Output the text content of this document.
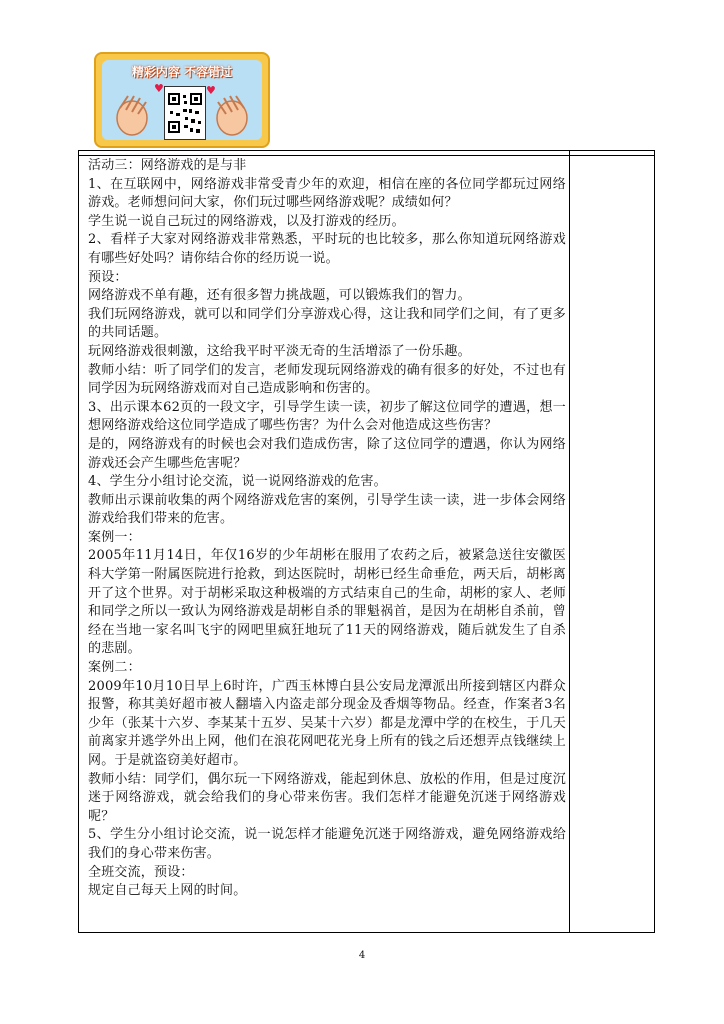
精彩内容 不容错过
♥	♥

活动三：网络游戏的是与非

1、在互联网中，网络游戏非常受青少年的欢迎，相信在座的各位同学都玩过网络游戏。老师想问问大家，你们玩过哪些网络游戏呢？成绩如何？

学生说一说自己玩过的网络游戏，以及打游戏的经历。

2、看样子大家对网络游戏非常熟悉，平时玩的也比较多，那么你知道玩网络游戏有哪些好处吗？请你结合你的经历说一说。

预设：

网络游戏不单有趣，还有很多智力挑战题，可以锻炼我们的智力。

我们玩网络游戏，就可以和同学们分享游戏心得，这让我和同学们之间，有了更多的共同话题。

玩网络游戏很刺激，这给我平时平淡无奇的生活增添了一份乐趣。

教师小结：听了同学们的发言，老师发现玩网络游戏的确有很多的好处，不过也有同学因为玩网络游戏而对自己造成影响和伤害的。

3、出示课本62页的一段文字，引导学生读一读，初步了解这位同学的遭遇，想一想网络游戏给这位同学造成了哪些伤害？为什么会对他造成这些伤害？

是的，网络游戏有的时候也会对我们造成伤害，除了这位同学的遭遇，你认为网络游戏还会产生哪些危害呢？

4、学生分小组讨论交流，说一说网络游戏的危害。

教师出示课前收集的两个网络游戏危害的案例，引导学生读一读，进一步体会网络游戏给我们带来的危害。

案例一：

2005年11月14日，年仅16岁的少年胡彬在服用了农药之后，被紧急送往安徽医科大学第一附属医院进行抢救，到达医院时，胡彬已经生命垂危，两天后，胡彬离开了这个世界。对于胡彬采取这种极端的方式结束自己的生命，胡彬的家人、老师和同学之所以一致认为网络游戏是胡彬自杀的罪魁祸首，是因为在胡彬自杀前，曾经在当地一家名叫飞宇的网吧里疯狂地玩了11天的网络游戏，随后就发生了自杀的悲剧。

案例二：

2009年10月10日早上6时许，广西玉林博白县公安局龙潭派出所接到辖区内群众报警，称其美好超市被人翻墙入内盗走部分现金及香烟等物品。经查，作案者3名少年（张某十六岁、李某某十五岁、吴某十六岁）都是龙潭中学的在校生，于几天前离家并逃学外出上网，他们在浪花网吧花光身上所有的钱之后还想弄点钱继续上网。于是就盗窃美好超市。

教师小结：同学们，偶尔玩一下网络游戏，能起到休息、放松的作用，但是过度沉迷于网络游戏，就会给我们的身心带来伤害。我们怎样才能避免沉迷于网络游戏呢？

5、学生分小组讨论交流，说一说怎样才能避免沉迷于网络游戏，避免网络游戏给我们的身心带来伤害。

全班交流，预设：

规定自己每天上网的时间。

4
